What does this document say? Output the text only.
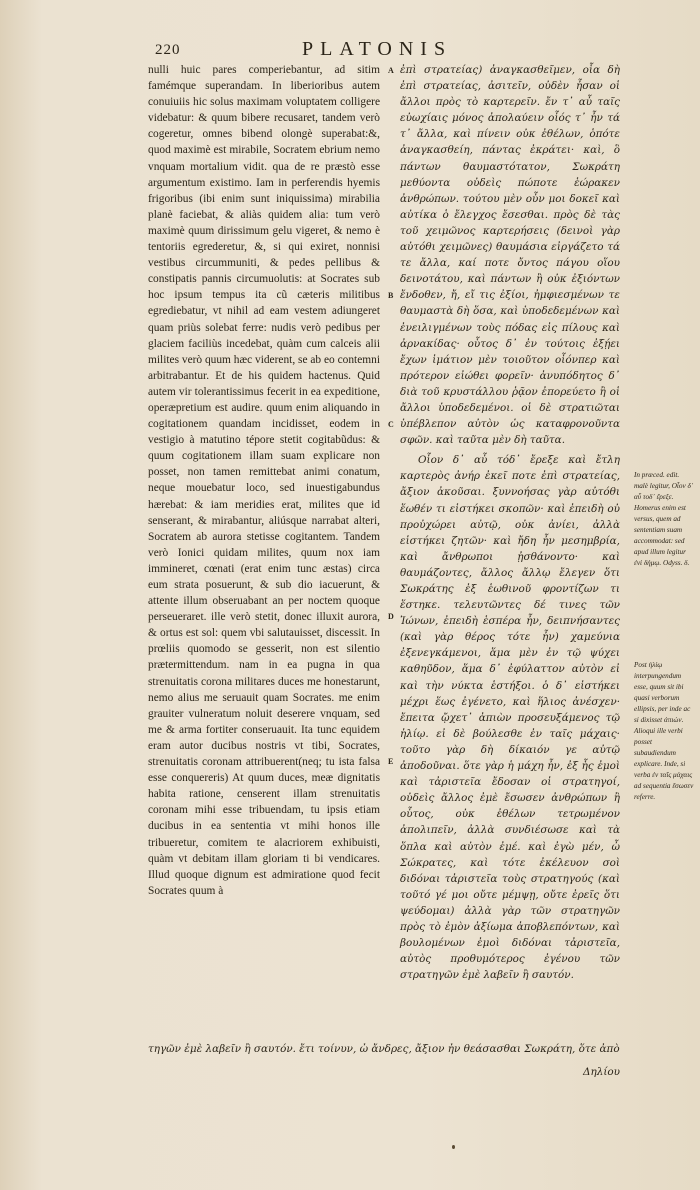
220	PLATONIS

nulli huic pares comperiebantur, ad sitim famémque superandam. In liberioribus autem conuiuiis hic solus maximam voluptatem colligere videbatur: & quum bibere recusaret, tandem verò cogeretur, omnes bibend olongè superabat:&, quod maximè est mirabile, Socratem ebrium nemo vnquam mortalium vidit. qua de re præstò esse argumentum existimo. Iam in perferendis hyemis frigoribus (ibi enim sunt iniquissima) mirabilia planè faciebat, & aliàs quidem alia: tum verò maximè quum dirissimum gelu vigeret, & nemo è tentoriis egrederetur, &, si qui exiret, nonnisi vestibus circummuniti, & pedes pellibus & constipatis pannis circumuolutis: at Socrates sub hoc ipsum tempus ita cũ cæteris militibus egrediebatur, vt nihil ad eam vestem adiungeret quam priùs solebat ferre: nudis verò pedibus per glaciem faciliùs incedebat, quàm cum calceis alii milites verò quum hæc viderent, se ab eo contemni arbitrabantur. Et de his quidem hactenus. Quid autem vir tolerantissimus fecerit in ea expeditione, operæpretium est audire. quum enim aliquando in cogitationem quandam incidisset, eodem in vestigio à matutino tépore stetit cogitabũdus: & quum cogitationem illam suam explicare non posset, non tamen remittebat animi conatum, neque mouebatur loco, sed inuestigabundus hærebat: & iam meridies erat, milites que id senserant, & mirabantur, aliúsque narrabat alteri, Socratem ab aurora stetisse cogitantem. Tandem verò Ionici quidam milites, quum nox iam immineret, cœnati (erat enim tunc æstas) circa eum strata posuerunt, & sub dio iacuerunt, & attente illum obseruabant an per noctem quoque perseueraret. ille verò stetit, donec illuxit aurora, & ortus est sol: quem vbi salutauisset, discessit. In prœliis quomodo se gesserit, non est silentio prætermittendum. nam in ea pugna in qua strenuitatis corona militares duces me honestarunt, nemo alius me seruauit quam Socrates. me enim grauiter vulneratum noluit deserere vnquam, sed me & arma fortiter conseruauit. Ita tunc equidem eram autor ducibus nostris vt tibi, Socrates, strenuitatis coronam attribuerent(neq; tu ista falsa esse conquereris) At quum duces, meæ dignitatis habita ratione, censerent illam strenuitatis coronam mihi esse tribuendam, tu ipsis etiam ducibus in ea sententia vt mihi honos ille tribueretur, comitem te alacriorem exhibuisti, quàm vt debitam illam gloriam ti bi vendicares. Illud quoque dignum est admiratione quod fecit Socrates quum à

A
B
C
D
E

ἐπὶ στρατείας) ἀναγκασθεῖμεν, οἷα δὴ ἐπὶ στρατείας, ἀσιτεῖν, οὐδὲν ἦσαν οἱ ἄλλοι πρὸς τὸ καρτερεῖν. ἔν τ᾽ αὖ ταῖς εὐωχίαις μόνος ἀπολαύειν οἷός τ᾽ ἦν τά τ᾽ ἄλλα, καὶ πίνειν οὐκ ἐθέλων, ὁπότε ἀναγκασθείη, πάντας ἐκράτει· καὶ, ὃ πάντων θαυμαστότατον, Σωκράτη μεθύοντα οὐδεὶς πώποτε ἑώρακεν ἀνθρώπων. τούτου μὲν οὖν μοι δοκεῖ καὶ αὐτίκα ὁ ἔλεγχος ἔσεσθαι. πρὸς δὲ τὰς τοῦ χειμῶνος καρτερήσεις (δεινοὶ γὰρ αὐτόθι χειμῶνες) θαυμάσια εἰργάζετο τά τε ἄλλα, καί ποτε ὄντος πάγου οἵου δεινοτάτου, καὶ πάντων ἢ οὐκ ἐξιόντων ἔνδοθεν, ἤ, εἴ τις ἐξίοι, ἠμφιεσμένων τε θαυμαστὰ δὴ ὅσα, καὶ ὑποδεδεμένων καὶ ἐνειλιγμένων τοὺς πόδας εἰς πίλους καὶ ἀρνακίδας· οὗτος δ᾽ ἐν τούτοις ἐξῄει ἔχων ἱμάτιον μὲν τοιοῦτον οἷόνπερ καὶ πρότερον εἰώθει φορεῖν· ἀνυπόδητος δ᾽ διὰ τοῦ κρυστάλλου ῥᾷον ἐπορεύετο ἢ οἱ ἄλλοι ὑποδεδεμένοι. οἱ δὲ στρατιῶται ὑπέβλεπον αὐτὸν ὡς καταφρονοῦντα σφῶν. καὶ ταῦτα μὲν δὴ ταῦτα.

Οἷον δ᾽ αὖ τόδ᾽ ἔρεξε καὶ ἔτλη καρτερὸς ἀνήρ ἐκεῖ ποτε ἐπὶ στρατείας, ἄξιον ἀκοῦσαι. ξυννοήσας γὰρ αὐτόθι ἕωθέν τι εἱστήκει σκοπῶν· καὶ ἐπειδὴ οὐ προὐχώρει αὐτῷ, οὐκ ἀνίει, ἀλλὰ εἱστήκει ζητῶν· καὶ ἤδη ἦν μεσημβρία, καὶ ἄνθρωποι ᾐσθάνοντο· καὶ θαυμάζοντες, ἄλλος ἄλλῳ ἔλεγεν ὅτι Σωκράτης ἐξ ἑωθινοῦ φροντίζων τι ἕστηκε. τελευτῶντες δέ τινες τῶν Ἰώνων, ἐπειδὴ ἑσπέρα ἦν, δειπνήσαντες (καὶ γὰρ θέρος τότε ἦν) χαμεύνια ἐξενεγκάμενοι, ἅμα μὲν ἐν τῷ ψύχει καθηῦδον, ἅμα δ᾽ ἐφύλαττον αὐτὸν εἰ καὶ τὴν νύκτα ἑστήξοι. ὁ δ᾽ εἱστήκει μέχρι ἕως ἐγένετο, καὶ ἥλιος ἀνέσχεν· ἔπειτα ᾤχετ᾽ ἀπιὼν προσευξάμενος τῷ ἡλίῳ. εἰ δὲ βούλεσθε ἐν ταῖς μάχαις· τοῦτο γὰρ δὴ δίκαιόν γε αὐτῷ ἀποδοῦναι. ὅτε γὰρ ἡ μάχη ἦν, ἐξ ἧς ἐμοὶ καὶ τἀριστεῖα ἔδοσαν οἱ στρατηγοί, οὐδεὶς ἄλλος ἐμὲ ἔσωσεν ἀνθρώπων ἢ οὗτος, οὐκ ἐθέλων τετρωμένον ἀπολιπεῖν, ἀλλὰ συνδιέσωσε καὶ τὰ ὅπλα καὶ αὐτὸν ἐμέ. καὶ ἐγὼ μέν, ὦ Σώκρατες, καὶ τότε ἐκέλευον σοὶ διδόναι τἀριστεῖα τοὺς στρατηγούς (καὶ τοῦτό γέ μοι οὔτε μέμψῃ, οὔτε ἐρεῖς ὅτι ψεύδομαι) ἀλλὰ γὰρ τῶν στρατηγῶν πρὸς τὸ ἐμὸν ἀξίωμα ἀποβλεπόντων, καὶ βουλομένων ἐμοὶ διδόναι τἀριστεῖα, αὐτὸς προθυμότερος ἐγένου τῶν στρατηγῶν ἐμὲ λαβεῖν ἢ σαυτόν.

In præced. edit. malè legitur, Οἷον δ᾽ αὖ τοδ᾽ ἔρεξε. Homerus enim est versus, quem ad sententiam suam accommodat: sed apud illum legitur ἐνὶ δήμῳ. Odyss. δ.
Post ἡλίῳ interpungendum esse, quum sit ibi quasi verborum ellipsis, per inde ac si dixisset ἀπιὼν. Alioqui ille verbi posset subaudiendum explicare. Inde, si verba ἐν ταῖς μάχαις ad sequentia ἔσωσεν referre.
τηγῶν ἐμὲ λαβεῖν ἢ σαυτόν. ἔτι τοίνυν, ὦ ἄνδρες, ἄξιον ἦν θεάσασθαι Σωκράτη, ὅτε ἀπὸ
Δηλίου
